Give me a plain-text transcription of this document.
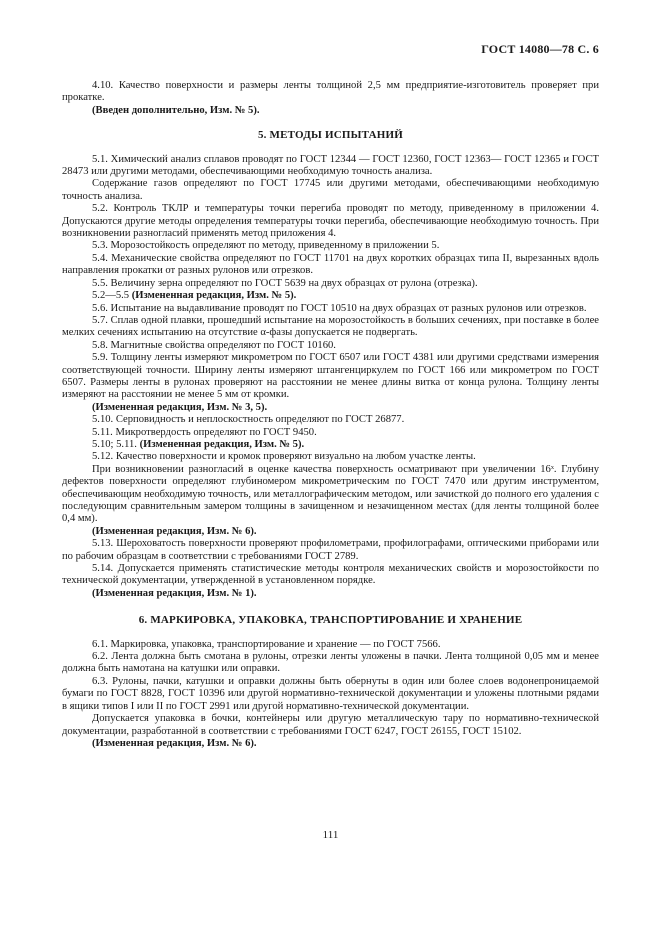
ГОСТ 14080—78 С. 6

4.10. Качество поверхности и размеры ленты толщиной 2,5 мм предприятие-изготовитель проверяет при прокатке.

(Введен дополнительно, Изм. № 5).

5. МЕТОДЫ ИСПЫТАНИЙ

5.1. Химический анализ сплавов проводят по ГОСТ 12344 — ГОСТ 12360, ГОСТ 12363— ГОСТ 12365 и ГОСТ 28473 или другими методами, обеспечивающими необходимую точность анализа.

Содержание газов определяют по ГОСТ 17745 или другими методами, обеспечивающими необходимую точность анализа.

5.2. Контроль ТКЛР и температуры точки перегиба проводят по методу, приведенному в приложении 4. Допускаются другие методы определения температуры точки перегиба, обеспечивающие необходимую точность. При возникновении разногласий применять метод приложения 4.

5.3. Морозостойкость определяют по методу, приведенному в приложении 5.

5.4. Механические свойства определяют по ГОСТ 11701 на двух коротких образцах типа II, вырезанных вдоль направления прокатки от разных рулонов или отрезков.

5.5. Величину зерна определяют по ГОСТ 5639 на двух образцах от рулона (отрезка).

5.2—5.5 (Измененная редакция, Изм. № 5).

5.6. Испытание на выдавливание проводят по ГОСТ 10510 на двух образцах от разных рулонов или отрезков.

5.7. Сплав одной плавки, прошедший испытание на морозостойкость в больших сечениях, при поставке в более мелких сечениях испытанию на отсутствие α-фазы допускается не подвергать.

5.8. Магнитные свойства определяют по ГОСТ 10160.

5.9. Толщину ленты измеряют микрометром по ГОСТ 6507 или ГОСТ 4381 или другими средствами измерения соответствующей точности. Ширину ленты измеряют штангенциркулем по ГОСТ 166 или микрометром по ГОСТ 6507. Размеры ленты в рулонах проверяют на расстоянии не менее длины витка от конца рулона. Толщину ленты измеряют на расстоянии не менее 5 мм от кромки.

(Измененная редакция, Изм. № 3, 5).

5.10. Серповидность и неплоскостность определяют по ГОСТ 26877.

5.11. Микротвердость определяют по ГОСТ 9450.

5.10; 5.11. (Измененная редакция, Изм. № 5).

5.12. Качество поверхности и кромок проверяют визуально на любом участке ленты.

При возникновении разногласий в оценке качества поверхность осматривают при увеличении 16ˣ. Глубину дефектов поверхности определяют глубиномером микрометрическим по ГОСТ 7470 или другим инструментом, обеспечивающим необходимую точность, или металлографическим методом, или зачисткой до полного его удаления с последующим сравнительным замером толщины в зачищенном и незачищенном местах (для ленты толщиной более 0,4 мм).

(Измененная редакция, Изм. № 6).

5.13. Шероховатость поверхности проверяют профилометрами, профилографами, оптическими приборами или по рабочим образцам в соответствии с требованиями ГОСТ 2789.

5.14. Допускается применять статистические методы контроля механических свойств и морозостойкости по технической документации, утвержденной в установленном порядке.

(Измененная редакция, Изм. № 1).

6. МАРКИРОВКА, УПАКОВКА, ТРАНСПОРТИРОВАНИЕ И ХРАНЕНИЕ

6.1. Маркировка, упаковка, транспортирование и хранение — по ГОСТ 7566.

6.2. Лента должна быть смотана в рулоны, отрезки ленты уложены в пачки. Лента толщиной 0,05 мм и менее должна быть намотана на катушки или оправки.

6.3. Рулоны, пачки, катушки и оправки должны быть обернуты в один или более слоев водонепроницаемой бумаги по ГОСТ 8828, ГОСТ 10396 или другой нормативно-технической документации и уложены плотными рядами в ящики типов I или II по ГОСТ 2991 или другой нормативно-технической документации.

Допускается упаковка в бочки, контейнеры или другую металлическую тару по нормативно-технической документации, разработанной в соответствии с требованиями ГОСТ 6247, ГОСТ 26155, ГОСТ 15102.

(Измененная редакция, Изм. № 6).

111
